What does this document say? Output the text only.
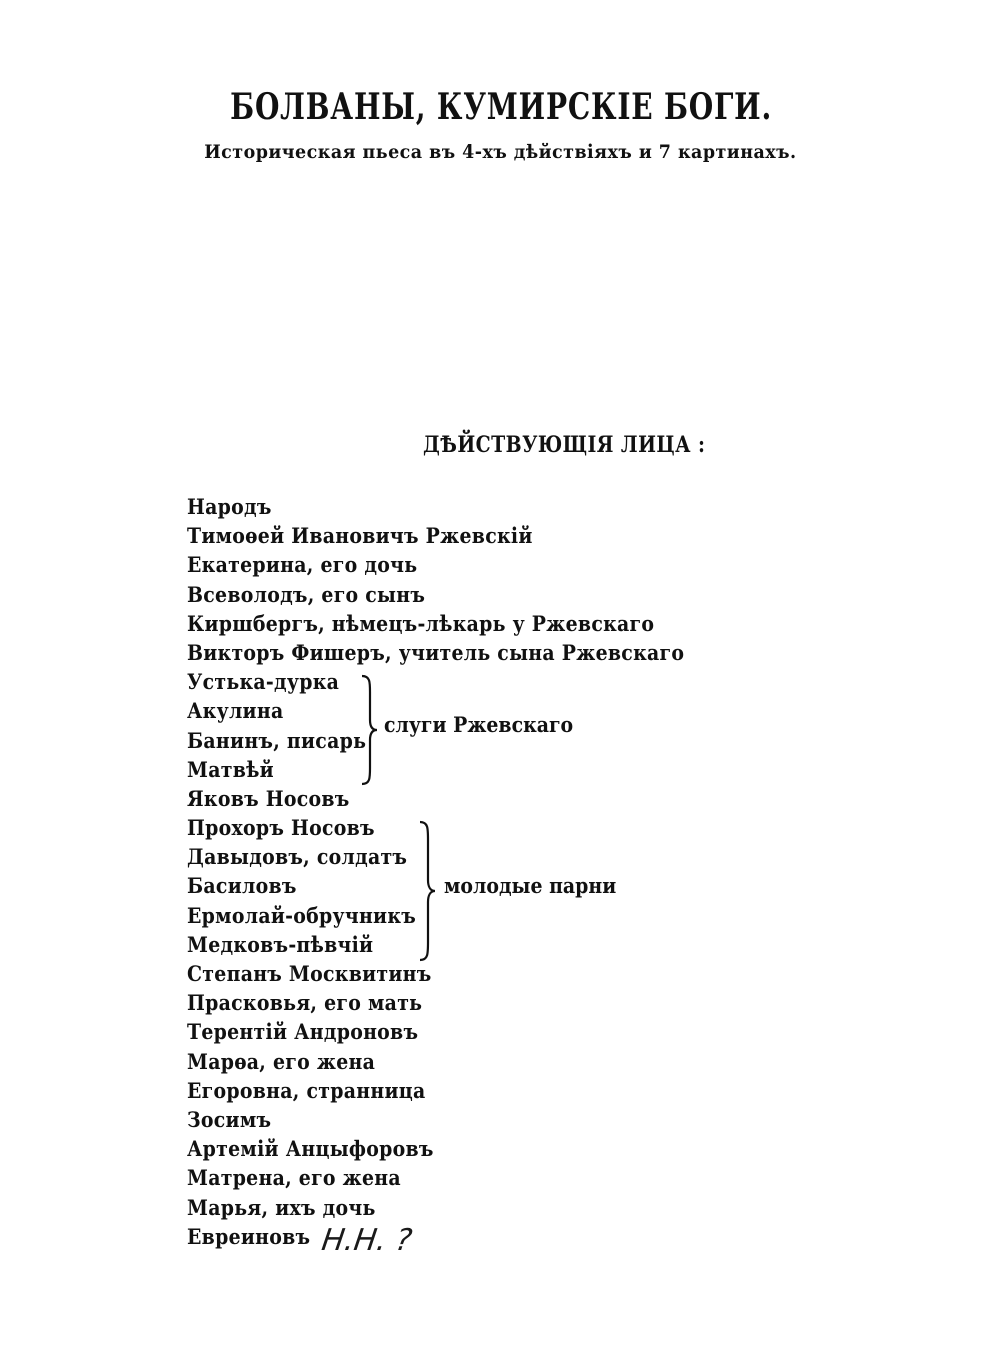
БОЛВАНЫ, КУМИРСКІЕ БОГИ.
Историческая пьеса въ 4-хъ дѣйствіяхъ и 7 картинахъ.
ДѢЙСТВУЮЩІЯ ЛИЦА :
Народъ
Тимоѳей Ивановичъ Ржевскій
Екатерина, его дочь
Всеволодъ, его сынъ
Киршбергъ, нѣмецъ-лѣкарь у Ржевскаго
Викторъ Фишеръ, учитель сына Ржевскаго
Устька-дурка
Акулина
Банинъ, писарь
Матвѣй
Яковъ Носовъ
Прохоръ Носовъ
Давыдовъ, солдатъ
Басиловъ
Ермолай-обручникъ
Медковъ-пѣвчій
Степанъ Москвитинъ
Прасковья, его мать
Терентій Андроновъ
Марѳа, его жена
Егоровна, странница
Зосимъ
Артемій Анцыфоровъ
Матрена, его жена
Марья, ихъ дочь
Евреиновъ
слуги Ржевскаго
молодые парни
Н.Н. ?
